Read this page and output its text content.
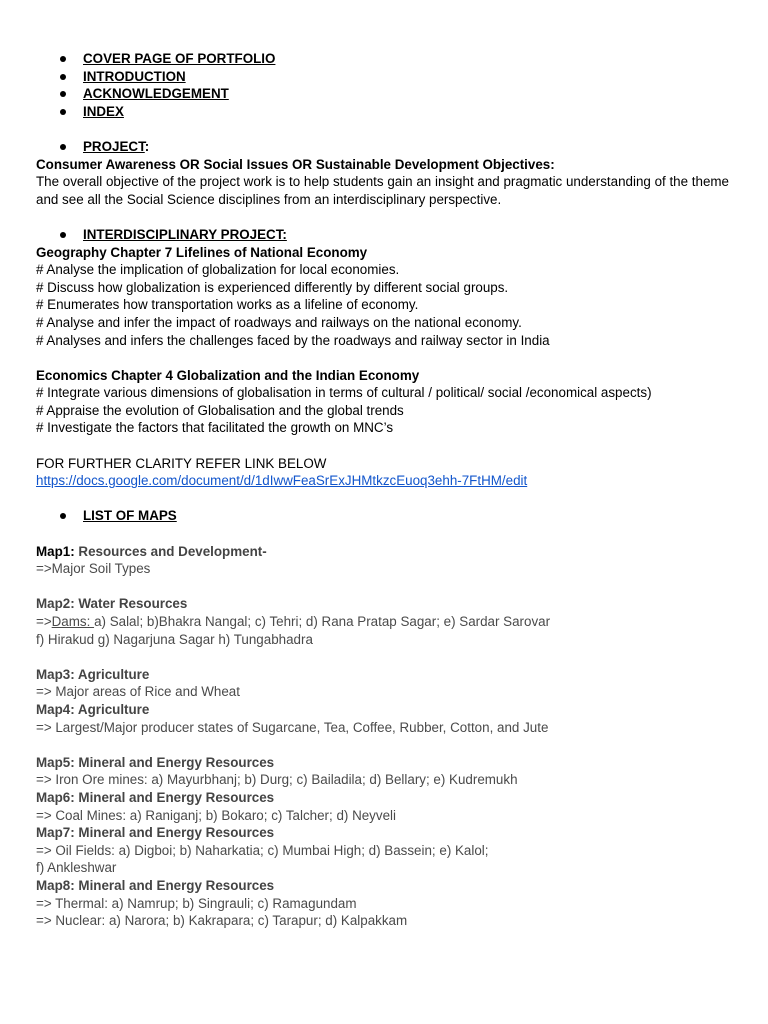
COVER PAGE OF PORTFOLIO
INTRODUCTION
ACKNOWLEDGEMENT
INDEX
PROJECT:
Consumer Awareness OR Social Issues OR Sustainable Development Objectives:
The overall objective of the project work is to help students gain an insight and pragmatic understanding of the theme and see all the Social Science disciplines from an interdisciplinary perspective.
INTERDISCIPLINARY PROJECT:
Geography Chapter 7 Lifelines of National Economy
# Analyse the implication of globalization for local economies.
# Discuss how globalization is experienced differently by different social groups.
# Enumerates how transportation works as a lifeline of economy.
# Analyse and infer the impact of roadways and railways on the national economy.
# Analyses and infers the challenges faced by the roadways and railway sector in India
Economics Chapter 4 Globalization and the Indian Economy
# Integrate various dimensions of globalisation in terms of cultural / political/ social /economical aspects)
# Appraise the evolution of Globalisation and the global trends
# Investigate the factors that facilitated the growth on MNC’s
FOR FURTHER CLARITY REFER LINK BELOW
https://docs.google.com/document/d/1dIwwFeaSrExJHMtkzcEuoq3ehh-7FtHM/edit
LIST OF MAPS
Map1: Resources and Development-
=>Major Soil Types
Map2: Water Resources
=>Dams: a) Salal; b)Bhakra Nangal; c) Tehri; d) Rana Pratap Sagar; e) Sardar Sarovar
f) Hirakud g) Nagarjuna Sagar h) Tungabhadra
Map3: Agriculture
=> Major areas of Rice and Wheat
Map4: Agriculture
=> Largest/Major producer states of Sugarcane, Tea, Coffee, Rubber, Cotton, and Jute
Map5: Mineral and Energy Resources
=> Iron Ore mines: a) Mayurbhanj; b) Durg; c) Bailadila; d) Bellary; e) Kudremukh
Map6: Mineral and Energy Resources
=> Coal Mines: a) Raniganj; b) Bokaro; c) Talcher; d) Neyveli
Map7: Mineral and Energy Resources
=> Oil Fields: a) Digboi; b) Naharkatia; c) Mumbai High; d) Bassein; e) Kalol;
f) Ankleshwar
Map8: Mineral and Energy Resources
=> Thermal: a) Namrup; b) Singrauli; c) Ramagundam
=> Nuclear: a) Narora; b) Kakrapara; c) Tarapur; d) Kalpakkam
